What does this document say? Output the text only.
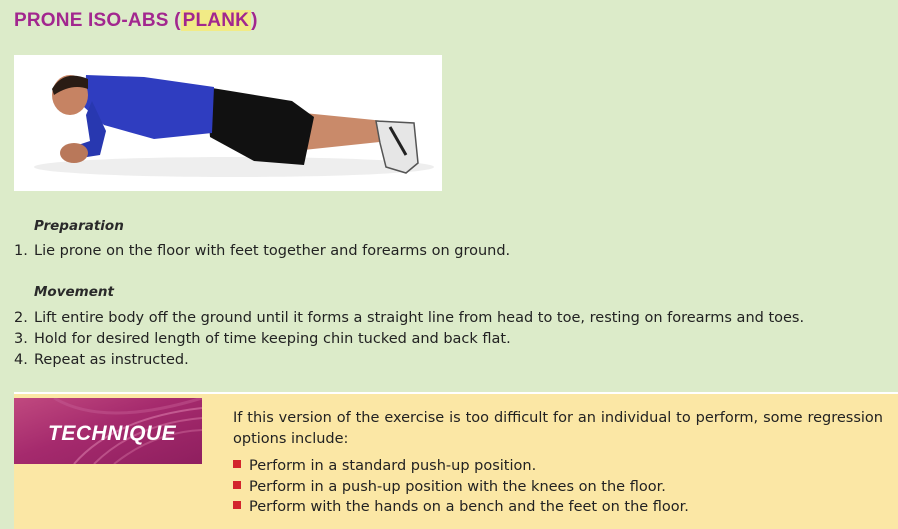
PRONE ISO-ABS ( PLANK )
Preparation
1. Lie prone on the floor with feet together and forearms on ground.
Movement
2. Lift entire body off the ground until it forms a straight line from head to toe, resting on forearms and toes.
3. Hold for desired length of time keeping chin tucked and back flat.
4. Repeat as instructed.
TECHNIQUE
If this version of the exercise is too difficult for an individual to perform, some regression options include:
Perform in a standard push-up position.
Perform in a push-up position with the knees on the floor.
Perform with the hands on a bench and the feet on the floor.
